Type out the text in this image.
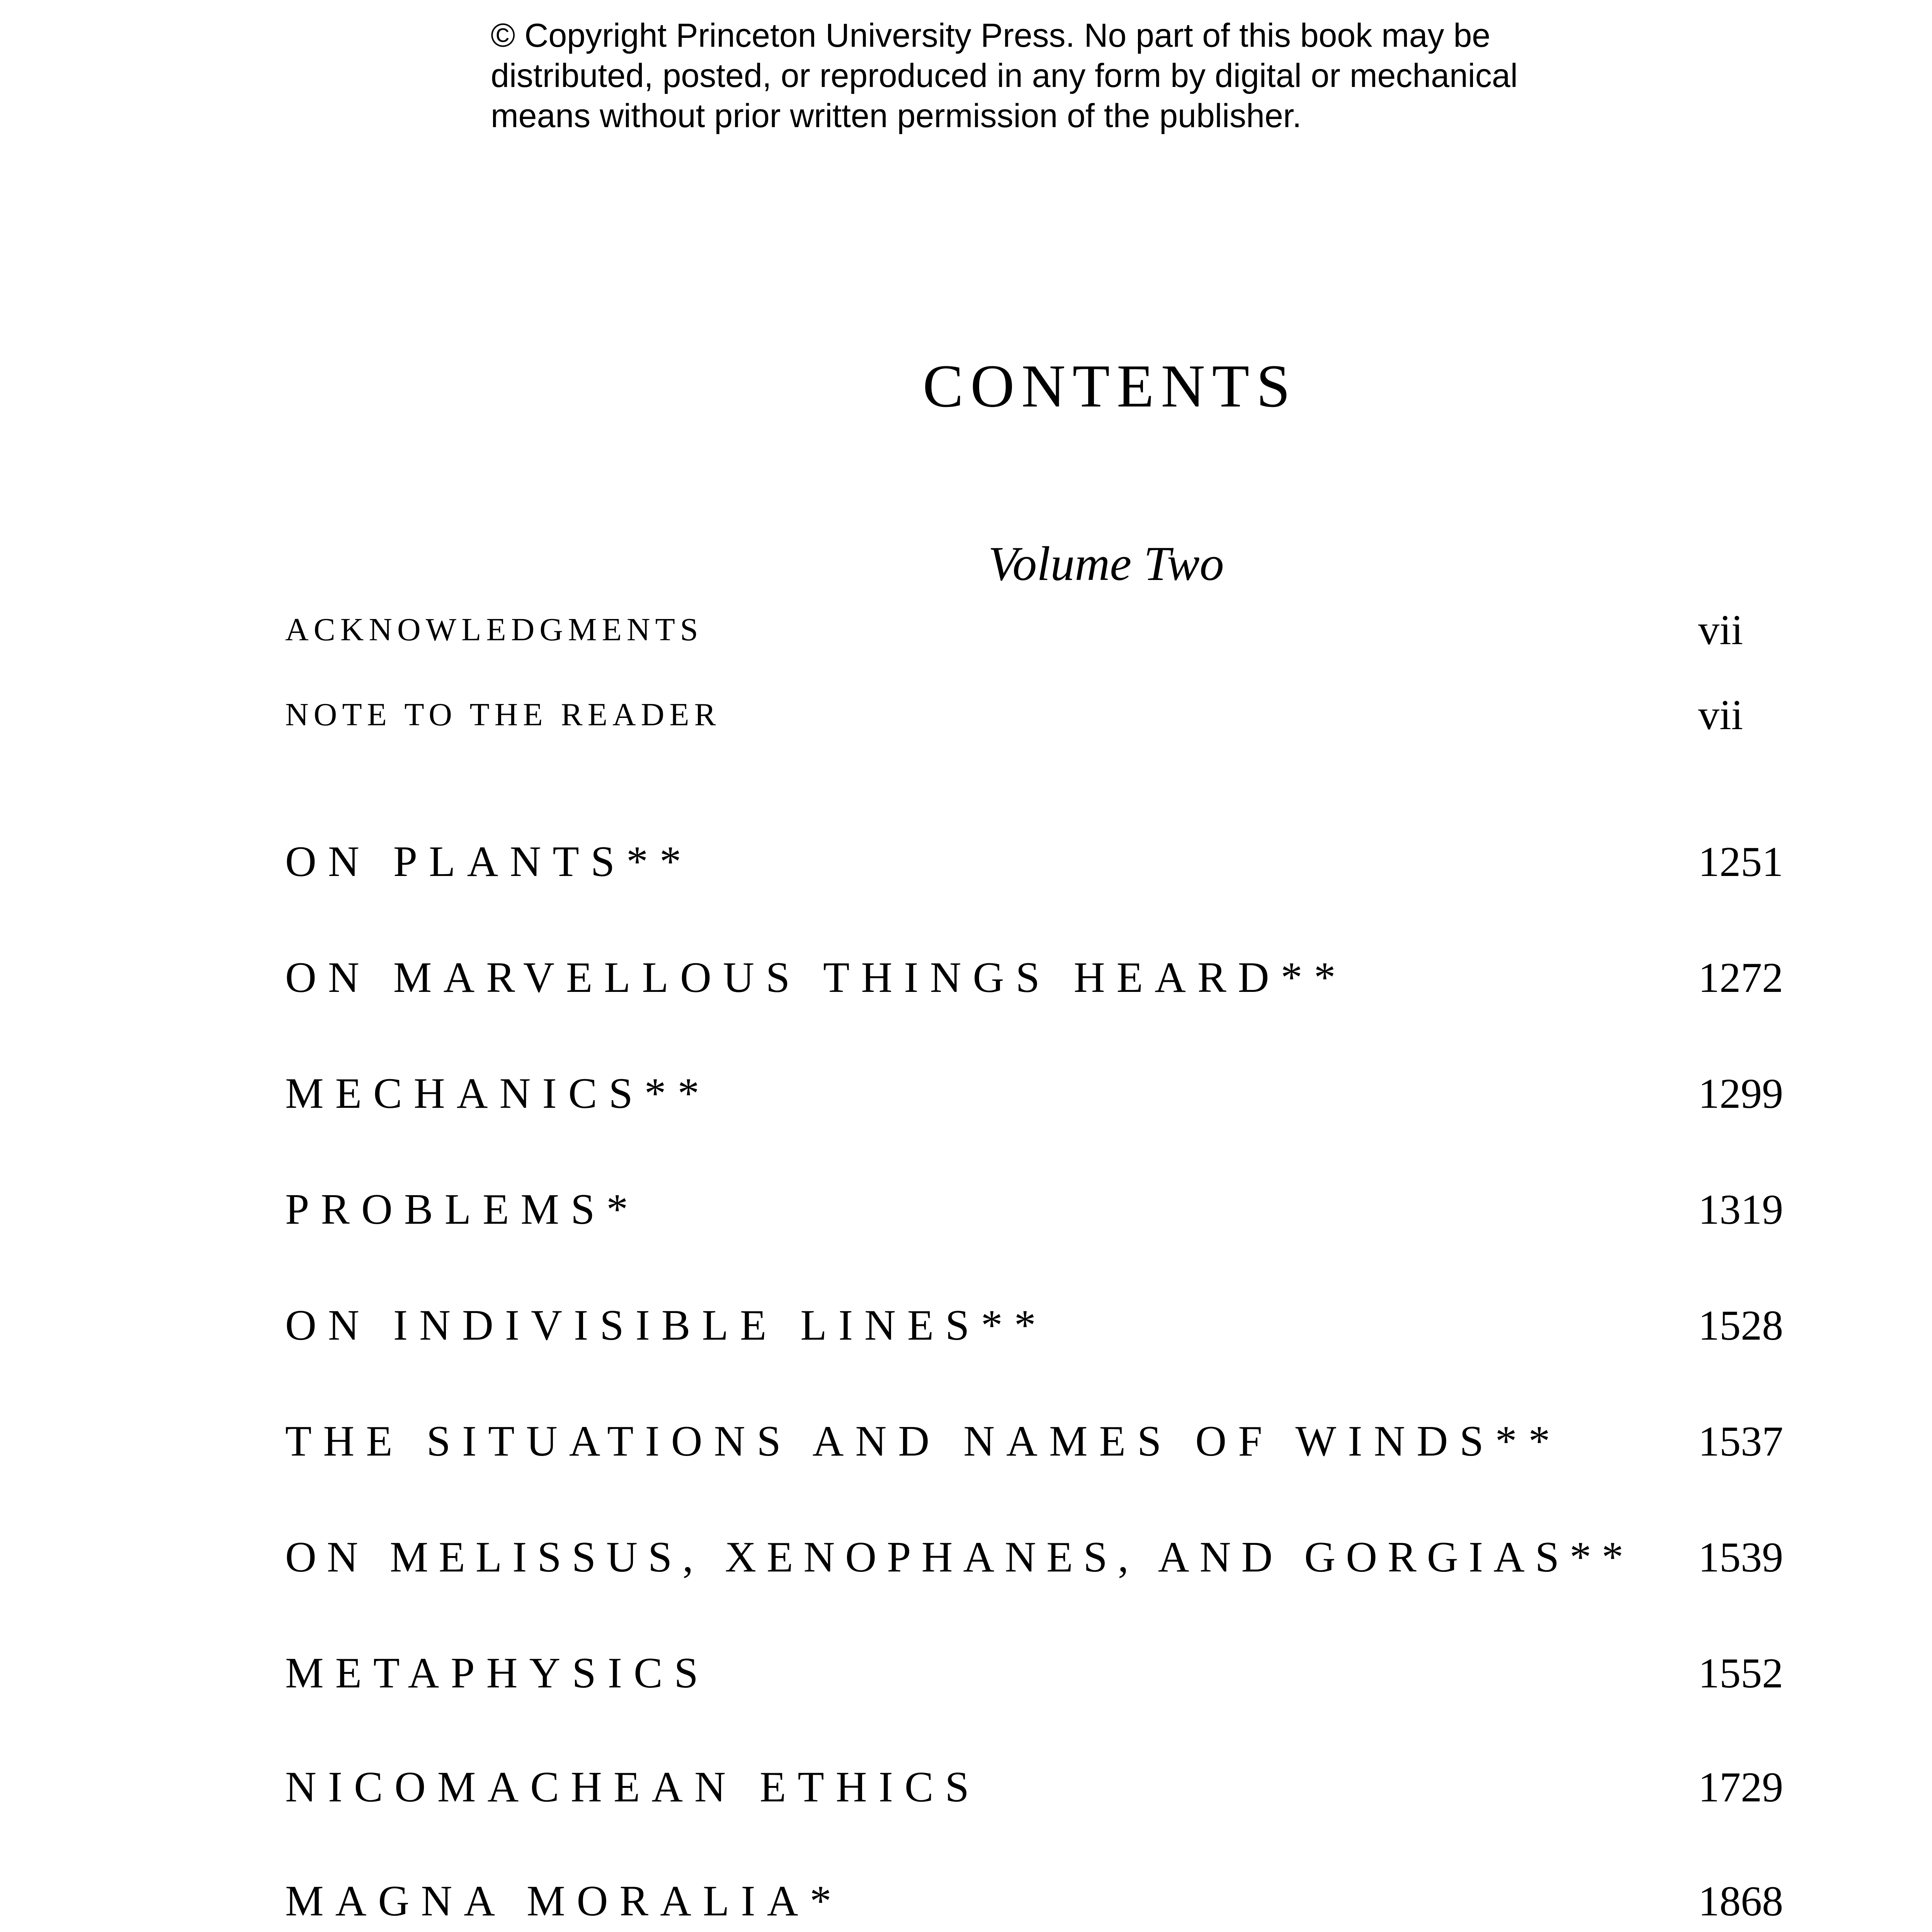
© Copyright Princeton University Press. No part of this book may be
distributed, posted, or reproduced in any form by digital or mechanical
means without prior written permission of the publisher.
CONTENTS
Volume Two
ACKNOWLEDGMENTS	vii
NOTE TO THE READER	vii
ON PLANTS**	1251
ON MARVELLOUS THINGS HEARD**	1272
MECHANICS**	1299
PROBLEMS*	1319
ON INDIVISIBLE LINES**	1528
THE SITUATIONS AND NAMES OF WINDS**	1537
ON MELISSUS, XENOPHANES, AND GORGIAS** 1539
METAPHYSICS	1552
NICOMACHEAN ETHICS	1729
MAGNA MORALIA*	1868
